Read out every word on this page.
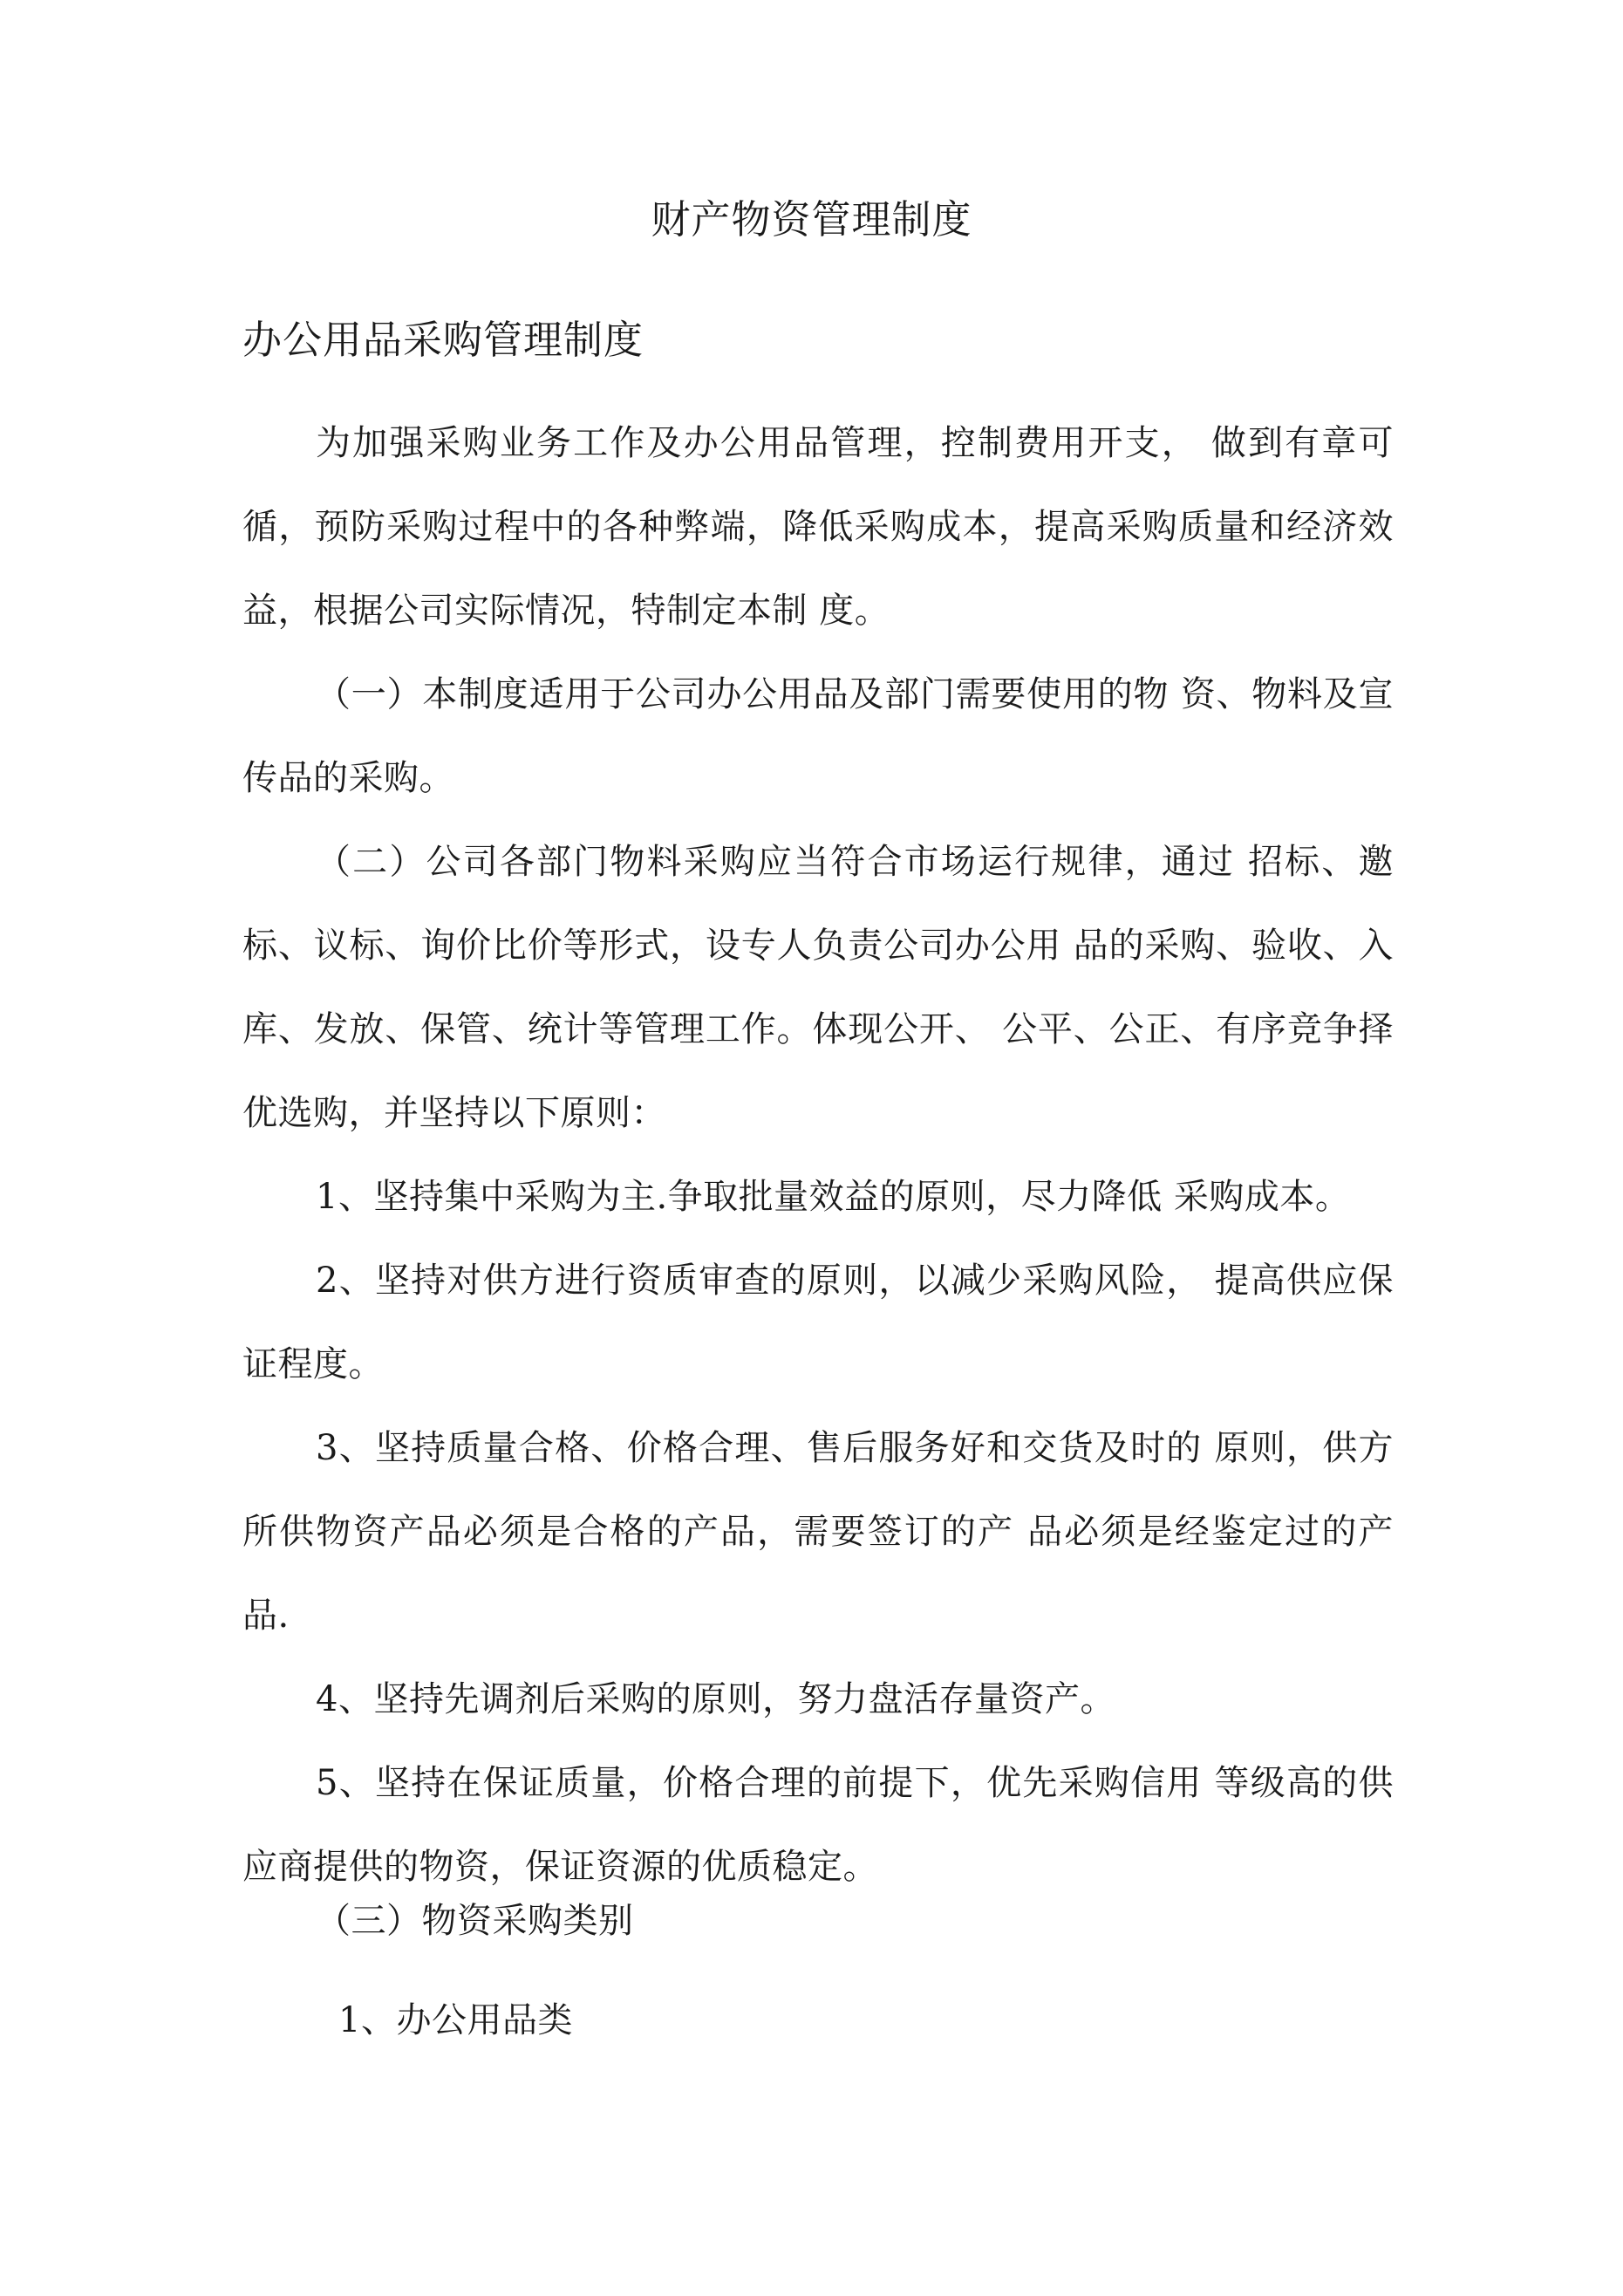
财产物资管理制度
办公用品采购管理制度
为加强采购业务工作及办公用品管理，控制费用开支， 做到有章可循，预防采购过程中的各种弊端，降低采购成本，提高采购质量和经济效益，根据公司实际情况，特制定本制 度。
（一）本制度适用于公司办公用品及部门需要使用的物 资、物料及宣传品的采购。
（二）公司各部门物料采购应当符合市场运行规律，通过 招标、邀标、议标、询价比价等形式，设专人负责公司办公用 品的采购、验收、入库、发放、保管、统计等管理工作。体现公开、 公平、公正、有序竞争择优选购，并坚持以下原则：
1、坚持集中采购为主.争取批量效益的原则，尽力降低 采购成本。
2、坚持对供方进行资质审查的原则，以减少采购风险， 提高供应保证程度。
3、坚持质量合格、价格合理、售后服务好和交货及时的 原则，供方所供物资产品必须是合格的产品，需要签订的产 品必须是经鉴定过的产品.
4、坚持先调剂后采购的原则，努力盘活存量资产。
5、坚持在保证质量，价格合理的前提下，优先采购信用 等级高的供应商提供的物资，保证资源的优质稳定。
（三）物资采购类别
1、办公用品类
